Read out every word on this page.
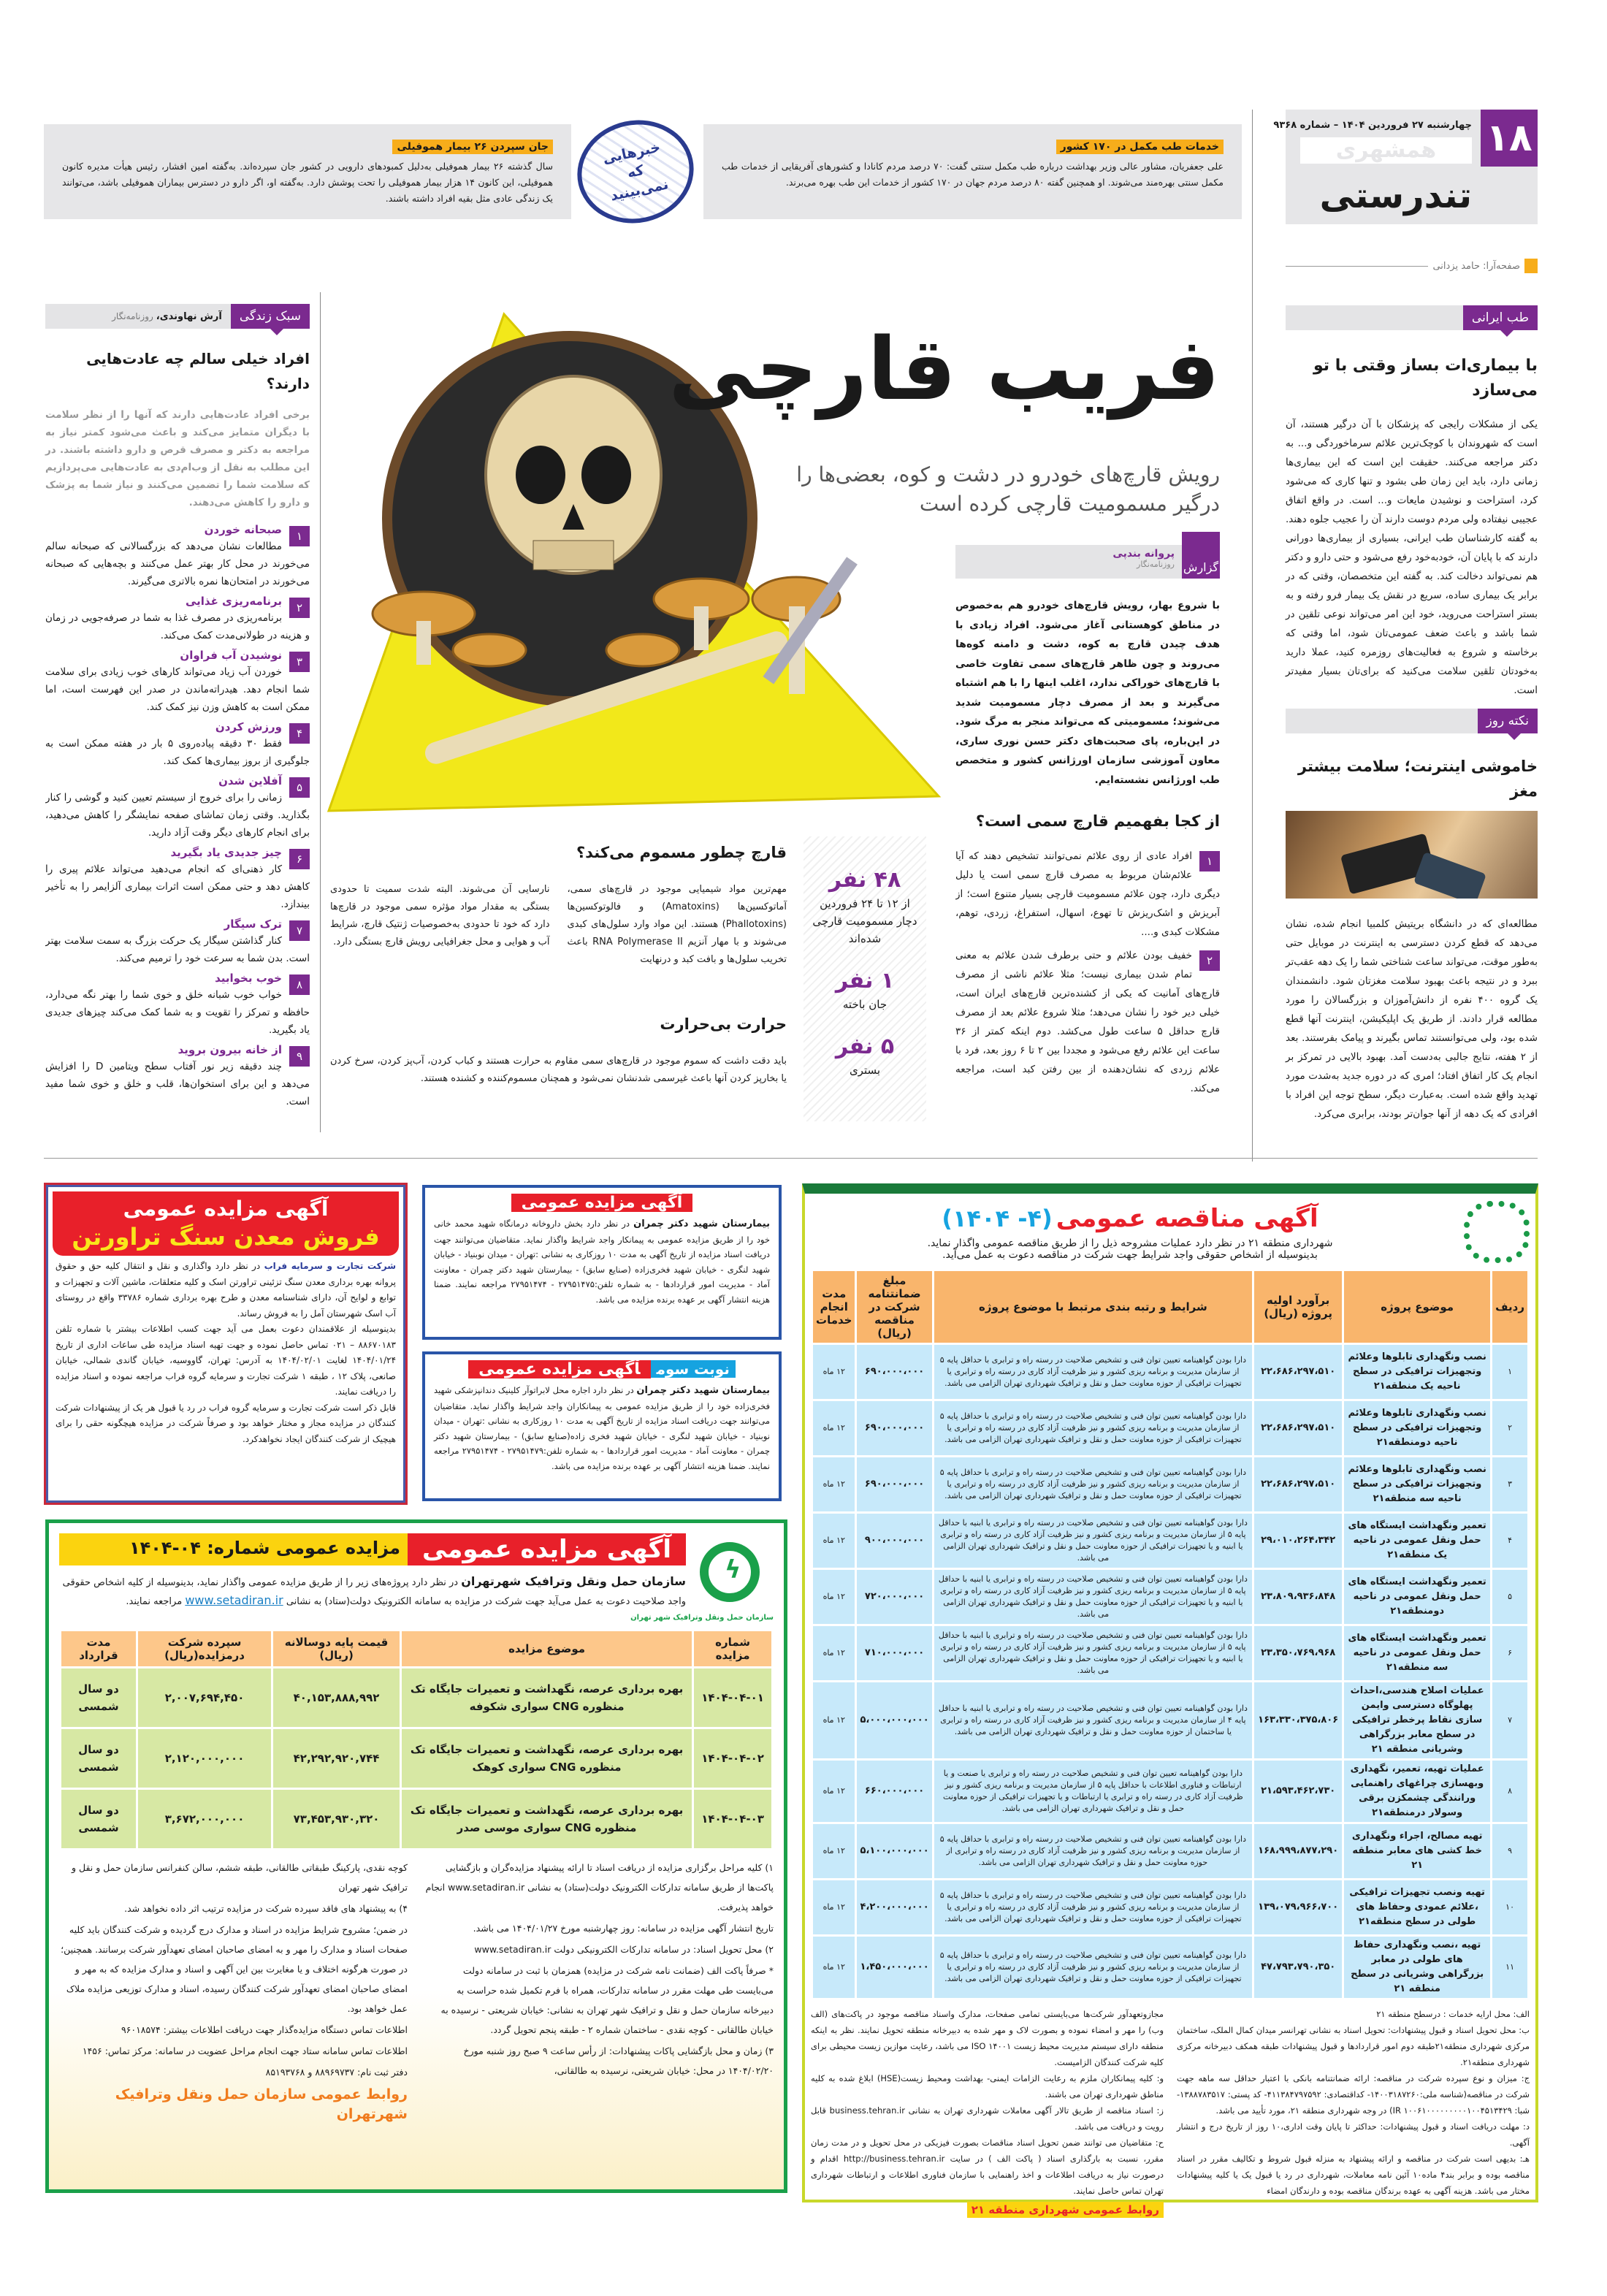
۱۸
چهارشنبه ۲۷ فروردین ۱۴۰۴ – شماره ۹۳۶۸
همشهری
تندرستی
صفحه‌آرا: حامد یزدانی
خدمات طب مکمل در ۱۷۰ کشور
علی جعفریان، مشاور عالی وزیر بهداشت درباره طب مکمل سنتی گفت: ۷۰ درصد مردم کانادا و کشورهای آفریقایی از خدمات طب مکمل سنتی بهره‌مند می‌شوند. او همچنین گفته ۸۰ درصد مردم جهان در ۱۷۰ کشور از خدمات این طب بهره می‌برند.
جان سپردن ۲۶ بیمار هموفیلی
سال گذشته ۲۶ بیمار هموفیلی به‌دلیل کمبودهای دارویی در کشور جان سپرده‌اند. به‌گفته امین افشار، رئیس هیأت مدیره کانون هموفیلی، این کانون ۱۴ هزار بیمار هموفیلی را تحت پوشش دارد. به‌گفته او، اگر دارو در دسترس بیماران هموفیلی باشد، می‌توانند یک زندگی عادی مثل بقیه افراد داشته باشند.
خبرهایی که نمی‌بینید
طب ایرانی
با بیماری‌ات بساز وقتی با تو می‌سازد
یکی از مشکلات رایجی که پزشکان با آن درگیر هستند، آن است که شهروندان با کوچک‌ترین علائم سرماخوردگی و... به دکتر مراجعه می‌کنند. حقیقت این است که این بیماری‌ها زمانی دارد، باید این زمان طی بشود و تنها کاری که می‌شود کرد، استراحت و نوشیدن مایعات و... است. در واقع اتفاق عجیبی نیفتاده ولی مردم دوست دارند آن را عجیب جلوه دهند. به گفته کارشناسان طب ایرانی، بسیاری از بیماری‌ها دورانی دارند که با پایان آن، خودبه‌خود رفع می‌شود و حتی دارو و دکتر هم نمی‌تواند دخالت کند. به گفته این متخصصان، وقتی که در برابر یک بیماری ساده، سریع در نقش یک بیمار فرو رفته و به بستر استراحت می‌روید، خود این امر می‌تواند نوعی تلقین در شما باشد و باعث ضعف عمومی‌تان شود، اما وقتی که برخاسته و شروع به فعالیت‌های روزمره کنید، عملا دارید به‌خودتان تلقین سلامت می‌کنید که برای‌تان بسیار مفیدتر است.
نکته روز
خاموشی اینترنت؛ سلامت بیشتر مغز
مطالعه‌ای که در دانشگاه بریتیش کلمبیا انجام شده، نشان می‌دهد که قطع کردن دسترسی به اینترنت در موبایل حتی به‌طور موقت، می‌تواند ساعت شناختی شما را یک دهه عقب‌تر ببرد و در نتیجه باعث بهبود سلامت مغزتان شود. دانشمندان یک گروه ۴۰۰ نفره از دانش‌آموزان و بزرگسالان را مورد مطالعه قرار دادند. از طریق یک اپلیکیشن، اینترنت آنها قطع شده بود، ولی می‌توانستند تماس بگیرند و پیامک بفرستند. بعد از ۲ هفته، نتایج جالبی به‌دست آمد. بهبود بالایی در تمرکز بر انجام یک کار اتفاق افتاد؛ امری که در دوره جدید به‌شدت مورد تهدید واقع شده است. به‌عبارت دیگر، سطح توجه این افراد با افرادی که یک دهه از آنها جوان‌تر بودند، برابری می‌کرد.
سبک زندگی
آرش نهاوندی،
روزنامه‌نگار
افراد خیلی سالم چه عادت‌هایی دارند؟
برخی افراد عادت‌هایی دارند که آنها را از نظر سلامت با دیگران متمایز می‌کند و باعث می‌شود کمتر نیاز به مراجعه به دکتر و مصرف قرص و دارو داشته باشند. در این مطلب به نقل از وب‌ام‌دی به عادت‌هایی می‌پردازیم که سلامت شما را تضمین می‌کنند و نیاز شما به پزشک و دارو را کاهش می‌دهند.
۱
صبحانه خوردن
مطالعات نشان می‌دهد که بزرگسالانی که صبحانه سالم می‌خورند در محل کار بهتر عمل می‌کنند و بچه‌هایی که صبحانه می‌خورند در امتحان‌ها نمره بالاتری می‌گیرند.
۲
برنامه‌ریزی غذایی
برنامه‌ریزی در مصرف غذا به شما در صرفه‌جویی در زمان و هزینه در طولانی‌مدت کمک می‌کند.
۳
نوشیدن آب فراوان
خوردن آب زیاد می‌تواند کارهای خوب زیادی برای سلامت شما انجام دهد. هیدراته‌ماندن در صدر این فهرست است، اما ممکن است به کاهش وزن نیز کمک کند.
۴
ورزش کردن
فقط ۳۰ دقیقه پیاده‌روی ۵ بار در هفته ممکن است به جلوگیری از بروز بیماری‌ها کمک کند.
۵
آفلاین شدن
زمانی را برای خروج از سیستم تعیین کنید و گوشی را کنار بگذارید. وقتی زمان تماشای صفحه نمایشگر را کاهش می‌دهید، برای انجام کارهای دیگر وقت آزاد دارید.
۶
چیز جدیدی یاد بگیرید
کار ذهنی‌ای که انجام می‌دهید می‌تواند علائم پیری را کاهش دهد و حتی ممکن است اثرات بیماری آلزایمر را به تأخیر بیندازد.
۷
ترک سیگار
کنار گذاشتن سیگار یک حرکت بزرگ به سمت سلامت بهتر است. بدن شما به سرعت خود را ترمیم می‌کند.
۸
خوب بخوابید
خواب خوب شبانه خلق و خوی شما را بهتر نگه می‌دارد، حافظه و تمرکز را تقویت و به شما کمک می‌کند چیزهای جدیدی یاد بگیرید.
۹
از خانه بیرون بروید
چند دقیقه زیر نور آفتاب سطح ویتامین D را افزایش می‌دهد و این برای استخوان‌ها، قلب و خلق و خوی شما مفید است.
فریب قارچی
رویش قارچ‌های خودرو در دشت و کوه، بعضی‌ها را درگیر مسمومیت قارچی کرده است
گزارش
پروانه بندپی
روزنامه‌نگار
با شروع بهار، رویش قارچ‌های خودرو هم به‌خصوص در مناطق کوهستانی آغاز می‌شود. افراد زیادی با هدف چیدن قارچ به کوه، دشت و دامنه کوه‌ها می‌روند و چون ظاهر قارچ‌های سمی تفاوت خاصی با قارچ‌های خوراکی ندارد، اغلب اینها را با هم اشتباه می‌گیرند و بعد از مصرف دچار مسمومیت شدید می‌شوند؛ مسمومیتی که می‌تواند منجر به مرگ شود. در این‌باره، پای صحبت‌های دکتر حسن نوری ساری، معاون آموزشی سازمان اورژانس کشور و متخصص طب اورژانس نشسته‌ایم.
از کجا بفهمیم قارچ سمی است؟
۱
افراد عادی از روی علائم نمی‌توانند تشخیص دهند که آیا علائم‌شان مربوط به مصرف قارچ سمی است یا دلیل دیگری دارد، چون علائم مسمومیت قارچی بسیار متنوع است؛ از آبریزش و اشک‌ریزش تا تهوع، اسهال، استفراغ، زردی، توهم، مشکلات کبدی و....
۲
خفیف بودن علائم و حتی برطرف شدن علائم به معنی تمام شدن بیماری نیست؛ مثلا علائم ناشی از مصرف قارچ‌های آمانیت که یکی از کشنده‌ترین قارچ‌های ایران است، خیلی دیر خود را نشان می‌دهد؛ مثلا شروع علائم بعد از مصرف قارچ حداقل ۵ ساعت طول می‌کشد. دوم اینکه کمتر از ۳۶ ساعت این علائم رفع می‌شود و مجددا بین ۲ تا ۶ روز بعد، فرد با علائم زردی که نشان‌دهنده از بین رفتن کبد است، مراجعه می‌کند.
۴۸ نفر
از ۱۲ تا ۲۴ فروردین دچار مسمومیت قارچی شده‌اند
۱ نفر
جان باخته
۵ نفر
بستری
قارچ چطور مسموم می‌کند؟
مهم‌ترین مواد شیمیایی موجود در قارچ‌های سمی، آماتوکسین‌ها (Amatoxins) و فالوتوکسین‌ها (Phallotoxins) هستند. این مواد وارد سلول‌های کبدی می‌شوند و با مهار آنزیم RNA Polymerase II باعث تخریب سلول‌ها و بافت کبد و درنهایت
نارسایی آن می‌شوند. البته شدت سمیت تا حدودی بستگی به مقدار مواد مؤثره سمی موجود در قارچ‌ها دارد که خود تا حدودی به‌خصوصیات ژنتیک قارچ، شرایط آب و هوایی و محل جغرافیایی رویش قارچ بستگی دارد.
حرارت بی‌حرارت
باید دقت داشت که سموم موجود در قارچ‌های سمی مقاوم به حرارت هستند و کباب کردن، آب‌پز کردن، سرخ کردن یا بخارپز کردن آنها باعث غیرسمی شدنشان نمی‌شود و همچنان مسموم‌کننده و کشنده هستند.
آگهی مزایده عمومی
فروش معدن سنگ تراورتن
شرکت تجارت و سرمایه فراب در نظر دارد واگذاری و نقل و انتقال کلیه حق و حقوق پروانه بهره برداری معدن سنگ تزئینی تراورتن اسک و کلیه متعلقات، ماشین آلات و تجهیزات و توابع و لوایح آن، دارای شناسنامه معدن و طرح بهره برداری شماره ۳۳۷۸۶ واقع در روستای آب اسک شهرستان آمل را به فروش رساند.
بدینوسیله از علاقمندان دعوت بعمل می آید جهت کسب اطلاعات بیشتر با شماره تلفن ۸۸۶۷۰۱۸۳ – ۰۲۱ تماس حاصل نموده و جهت تهیه اسناد مزایده طی ساعات اداری از تاریخ ۱۴۰۴/۰۱/۲۴ لغایت ۱۴۰۴/۰۲/۰۱ به آدرس: تهران، گاووسیه، خیابان گاندی شمالی، خیابان صانعی، پلاک ۱۲ ، طبقه ۱ شرکت تجارت و سرمایه گروه فراب مراجعه نموده و اسناد مزایده را دریافت نمایند.
قابل ذکر است شرکت تجارت و سرمایه گروه فراب در رد یا قبول هر یک از پیشنهادات شرکت کنندگان در مزایده مجاز و مختار خواهد بود و صرفاً شرکت در مزایده هیچگونه حقی را برای هیچیک از شرکت کنندگان ایجاد نخواهدکرد.
آگهی مزایده عمومی
بیمارستان شهید دکتر چمران در نظر دارد بخش داروخانه درمانگاه شهید محمد خانی خود را از طریق مزایده عمومی به پیمانکار واجد شرایط واگذار نماید. متقاضیان می‌توانند جهت دریافت اسناد مزایده از تاریخ آگهی به مدت ۱۰ روزکاری به نشانی :تهران - میدان نوبنیاد - خیابان شهید لنگری - خیابان شهید فخری‌زاده (صنایع سابق) - بیمارستان شهید دکتر چمران - معاونت آماد - مدیریت امور قراردادها - به شماره تلفن:۲۷۹۵۱۴۷۵ - ۲۷۹۵۱۴۷۴ مراجعه نمایند. ضمنا هزینه انتشار آگهی بر عهده برنده مزایده می باشد.
نوبت سومآگهی مزایده عمومی
بیمارستان شهید دکتر چمران در نظر دارد اجاره محل لابراتوآر کلینیک دندانپزشکی شهید فخری‌زاده خود را از طریق مزایده عمومی به پیمانکاران واجد شرایط واگذار نماید. متقاضیان می‌توانند جهت دریافت اسناد مزایده از تاریخ آگهی به مدت ۱۰ روزکاری به نشانی :تهران - میدان نوبنیاد - خیابان شهید لنگری - خیابان شهید فخری زاده(صنایع سابق) - بیمارستان شهید دکتر چمران - معاونت آماد - مدیریت امور قراردادها - به شماره تلفن:۲۷۹۵۱۴۷۹ - ۲۷۹۵۱۴۷۴ مراجعه نمایند. ضمنا هزینه انتشار آگهی بر عهده برنده مزایده می باشد.
ϟ
آگهی مزایده عمومی
مزایده عمومی شماره: ۰۴-۱۴۰۴
سازمان حمل ونقل وترافیک شهرتهران در نظر دارد پروژه‌های زیر را از طریق مزایده عمومی واگذار نماید، بدینوسیله از کلیه اشخاص حقوقی واجد صلاحیت دعوت به عمل می‌آید جهت شرکت در مزایده به سامانه الکترونیک دولت(ستاد) به نشانی www.setadiran.ir مراجعه نمایند.
سازمان حمل ونقل وترافیک شهر تهران
شماره مزایده	موضوع مزایده	قیمت پایه دوسالانه (ریال)	سپرده شرکت درمزایده(ریال)	مدت قرارداد
۱۴۰۴-۰۴-۰۱	بهره برداری عرصه، نگهداشت و تعمیرات جایگاه تک منظوره CNG سواری شکوفه	۴۰,۱۵۳,۸۸۸,۹۹۲	۲,۰۰۷,۶۹۴,۴۵۰	دو سال شمسی
۱۴۰۴-۰۴-۰۲	بهره برداری عرصه، نگهداشت و تعمیرات جایگاه تک منظوره CNG سواری کوهک	۴۲,۲۹۲,۹۲۰,۷۴۴	۲,۱۲۰,۰۰۰,۰۰۰	دو سال شمسی
۱۴۰۴-۰۴-۰۳	بهره برداری عرصه، نگهداشت و تعمیرات جایگاه تک منظوره CNG سواری موسی صدر	۷۳,۴۵۳,۹۳۰,۳۲۰	۳,۶۷۲,۰۰۰,۰۰۰	دو سال شمسی
۱) کلیه مراحل برگزاری مزایده از دریافت اسناد تا ارائه پیشنهاد مزایده‌گران و بازگشایی پاکت‌ها از طریق سامانه تدارکات الکترونیک دولت(ستاد) به نشانی www.setadiran.ir انجام خواهد پذیرفت.
تاریخ انتشار آگهی مزایده در سامانه: روز چهارشنبه مورخ ۱۴۰۴/۰۱/۲۷ می باشد.
۲) محل تحویل اسناد: در سامانه تدارکات الکترونیکی دولت www.setadiran.ir
* صرفاً پاکت الف (ضمانت نامه شرکت در مزایده) همزمان با ثبت در سامانه دولت می‌بایست طی مهلت مقرر در سامانه تدارکات، همراه با فرم تکمیل شده حراست به دبیرخانه سازمان حمل و نقل و ترافیک شهر تهران به نشانی: خیابان شریعتی - نرسیده به خیابان طالقانی - کوچه نقدی - ساختمان شماره ۲ - طبقه پنجم تحویل گردد.
۳) زمان و محل بازگشایی پاکات پیشنهادات: از رأس ساعت ۹ صبح روز شنبه مورخ ۱۴۰۴/۰۲/۲۰ در محل: خیابان شریعتی، نرسیده به طالقانی،
کوچه نقدی، پارکینگ طبقاتی طالقانی، طبقه ششم، سالن کنفرانس سازمان حمل و نقل و ترافیک شهر تهران
۴) به پیشنهاد های فاقد سپرده شرکت در مزایده ترتیب اثر داده نخواهد شد.
در ضمن؛ مشروح شرایط مزایده در اسناد و مدارک درج گردیده و شرکت کنندگان باید کلیه صفحات اسناد و مدارک را مهر و به امضای صاحبان امضای تعهدآور شرکت برسانند. همچنین؛ در صورت هرگونه اختلاف و یا مغایرت بین این آگهی و اسناد و مدارک مزایده که به مهر و امضای صاحبان امضای تعهدآور شرکت کنندگان رسیده، اسناد و مدارک توزیعی مزایده ملاک عمل خواهد بود.
اطلاعات تماس دستگاه مزایده‌گذار جهت دریافت اطلاعات بیشتر: ۹۶۰۱۸۵۷۴
اطلاعات تماس سامانه ستاد جهت انجام مراحل عضویت در سامانه: مرکز تماس: ۱۴۵۶
دفتر ثبت نام: ۸۸۹۶۹۷۳۷ و ۸۵۱۹۳۷۶۸
روابط عمومی سازمان حمل ونقل وترافیک شهرتهران
آگهی مناقصه عمومی (۴- ۱۴۰۴)
شهرداری منطقه ۲۱ در نظر دارد عملیات مشروحه ذیل را از طریق مناقصه عمومی واگذار نماید.
بدینوسیله از اشخاص حقوقی واجد شرایط جهت شرکت در مناقصه دعوت به عمل می‌آید.
ردیف	موضوع پروژه	برآورد اولیه پروژه (ریال)	شرایط و رتبه بندی مرتبط با موضوع پروژه	مبلغ ضمانتنامه شرکت در مناقصه (ریال)	مدت انجام خدمات
۱	نصب ونگهداری تابلوها وعلائم وتجهیزات ترافیکی در سطح ناحیه یک منطقه۲۱	۲۲،۶۸۶،۲۹۷،۵۱۰	دارا بودن گواهینامه تعیین توان فنی و تشخیص صلاحیت در رسته راه و ترابری با حداقل پایه ۵ از سازمان مدیریت و برنامه ریزی کشور و نیز ظرفیت آزاد کاری در رسته راه و ترابری یا تجهیزات ترافیکی از حوزه معاونت حمل و نقل و ترافیک شهرداری تهران الزامی می باشد.	۶۹۰،۰۰۰،۰۰۰	۱۲ ماه
۲	نصب ونگهداری تابلوها وعلائم وتجهیزات ترافیکی در سطح ناحیه دومنطقه۲۱	۲۲،۶۸۶،۲۹۷،۵۱۰	دارا بودن گواهینامه تعیین توان فنی و تشخیص صلاحیت در رسته راه و ترابری با حداقل پایه ۵ از سازمان مدیریت و برنامه ریزی کشور و نیز ظرفیت آزاد کاری در رسته راه و ترابری یا تجهیزات ترافیکی از حوزه معاونت حمل و نقل و ترافیک شهرداری تهران الزامی می باشد.	۶۹۰،۰۰۰،۰۰۰	۱۲ ماه
۳	نصب ونگهداری تابلوها وعلائم وتجهیزات ترافیکی در سطح ناحیه سه منطقه۲۱	۲۲،۶۸۶،۲۹۷،۵۱۰	دارا بودن گواهینامه تعیین توان فنی و تشخیص صلاحیت در رسته راه و ترابری با حداقل پایه ۵ از سازمان مدیریت و برنامه ریزی کشور و نیز ظرفیت آزاد کاری در رسته راه و ترابری یا تجهیزات ترافیکی از حوزه معاونت حمل و نقل و ترافیک شهرداری تهران الزامی می باشد.	۶۹۰،۰۰۰،۰۰۰	۱۲ ماه
۴	تعمیر ونگهداشت ایستگاه های حمل ونقل عمومی در ناحیه یک منطقه۲۱	۲۹،۰۱۰،۲۶۴،۳۴۲	دارا بودن گواهینامه تعیین توان فنی و تشخیص صلاحیت در رسته راه و ترابری یا ابنیه با حداقل پایه ۵ از سازمان مدیریت و برنامه ریزی کشور و نیز ظرفیت آزاد کاری در رسته راه و ترابری یا ابنیه و یا تجهیزات ترافیکی از حوزه معاونت حمل و نقل و ترافیک شهرداری تهران الزامی می باشد.	۹۰۰،۰۰۰،۰۰۰	۱۲ ماه
۵	تعمیر ونگهداشت ایستگاه های حمل ونقل عمومی در ناحیه دومنطقه۲۱	۲۳،۸۰۹،۹۳۶،۸۴۸	دارا بودن گواهینامه تعیین توان فنی و تشخیص صلاحیت در رسته راه و ترابری یا ابنیه با حداقل پایه ۵ از سازمان مدیریت و برنامه ریزی کشور و نیز ظرفیت آزاد کاری در رسته راه و ترابری یا ابنیه و یا تجهیزات ترافیکی از حوزه معاونت حمل و نقل و ترافیک شهرداری تهران الزامی می باشد.	۷۲۰،۰۰۰،۰۰۰	۱۲ ماه
۶	تعمیر ونگهداشت ایستگاه های حمل ونقل عمومی در ناحیه سه منطقه۲۱	۲۳،۳۵۰،۷۶۹،۹۶۸	دارا بودن گواهینامه تعیین توان فنی و تشخیص صلاحیت در رسته راه و ترابری یا ابنیه با حداقل پایه ۵ از سازمان مدیریت و برنامه ریزی کشور و نیز ظرفیت آزاد کاری در رسته راه و ترابری یا ابنیه و یا تجهیزات ترافیکی از حوزه معاونت حمل و نقل و ترافیک شهرداری تهران الزامی می باشد.	۷۱۰،۰۰۰،۰۰۰	۱۲ ماه
۷	عملیات اصلاح هندسی،احداث پهلوگاه دسترسی وایمن سازی نقاط پرخطر ترافیکی در سطح معابر بزرگراهی وشریانی منطقه ۲۱	۱۶۳،۳۳۰،۳۷۵،۸۰۶	دارا بودن گواهینامه تعیین توان فنی و تشخیص صلاحیت در رسته راه و ترابری یا ابنیه با حداقل پایه ۴ از سازمان مدیریت و برنامه ریزی کشور و نیز ظرفیت آزاد کاری در رسته راه و ترابری یا ساختمان از حوزه معاونت حمل و نقل و ترافیک شهرداری تهران الزامی می باشد.	۵،۰۰۰،۰۰۰،۰۰۰	۱۲ ماه
۸	عملیات تهیه، تعمیر، نگهداری وبهسازی چراغهای راهنمایی ورانندگی چشمکزن برقی وسولار درمنطقه۲۱	۲۱،۵۹۳،۴۶۲،۷۳۰	دارا بودن گواهینامه تعیین توان فنی و تشخیص صلاحیت در رسته راه و ترابری یا صنعت و یا ارتباطات و فناوری اطلاعات با حداقل پایه ۵ از سازمان مدیریت و برنامه ریزی کشور و نیز ظرفیت آزاد کاری در رسته راه و ترابری یا ارتباطات و یا تجهیزات ترافیکی از حوزه معاونت حمل و نقل و ترافیک شهرداری تهران الزامی می باشد.	۶۶۰،۰۰۰،۰۰۰	۱۲ ماه
۹	تهیه مصالح، اجراء ونگهداری خط کشی های معابر منطقه ۲۱	۱۶۸،۹۹۹،۸۷۷،۲۹۰	دارا بودن گواهینامه تعیین توان فنی و تشخیص صلاحیت در رسته راه و ترابری با حداقل پایه ۵ از سازمان مدیریت و برنامه ریزی کشور و نیز ظرفیت آزاد کاری در رسته راه و ترابری از حوزه معاونت حمل و نقل و ترافیک شهرداری تهران الزامی می باشد.	۵،۱۰۰،۰۰۰،۰۰۰	۱۲ ماه
۱۰	تهیه ونصب تجهیزات ترافیکی ،علائم عمودی وحفاظ های طولی در سطح منطقه۲۱	۱۳۹،۰۷۹،۹۶۶،۷۰۰	دارا بودن گواهینامه تعیین توان فنی و تشخیص صلاحیت در رسته راه و ترابری با حداقل پایه ۵ از سازمان مدیریت و برنامه ریزی کشور و نیز ظرفیت آزاد کاری در رسته راه و ترابری یا تجهیزات ترافیکی از حوزه معاونت حمل و نقل و ترافیک شهرداری تهران الزامی می باشد.	۴،۲۰۰،۰۰۰،۰۰۰	۱۲ ماه
۱۱	تهیه ،نصب ونگهداری حفاظ های طولی در معابر بزرگراهی وشریانی در سطح منطقه ۲۱	۴۷،۷۹۳،۷۹۰،۳۵۰	دارا بودن گواهینامه تعیین توان فنی و تشخیص صلاحیت در رسته راه و ترابری با حداقل پایه ۵ از سازمان مدیریت و برنامه ریزی کشور و نیز ظرفیت آزاد کاری در رسته راه و ترابری یا تجهیزات ترافیکی از حوزه معاونت حمل و نقل و ترافیک شهرداری تهران الزامی می باشد.	۱،۴۵۰،۰۰۰،۰۰۰	۱۲ ماه
الف: محل ارایه خدمات : درسطح منطقه ۲۱
ب: محل تحویل اسناد و قبول پیشنهادات: تحویل اسناد به نشانی تهرانسر میدان کمال الملک، ساختمان مرکزی شهرداری منطقه۲۱طبقه دوم امور قراردادها و قبول پیشنهادات طبقه همکف دبیرخانه مرکزی شهرداری منطقه۲۱.
ج: میزان و نوع سپرده شرکت در مناقصه: ارائه ضمانتنامه بانکی با اعتبار حداقل سه ماهه جهت شرکت در مناقصه(شناسه ملی:۱۴۰۰۳۱۸۷۲۶۰- کداقتصادی: ۴۱۱۳۸۴۷۹۷۵۹۲- کد پستی: ۱۳۸۸۷۸۳۵۱۷- شبا: IR ۱۰۰۶۱۰۰۰۰۰۰۰۰۰۱۰۰۴۵۱۳۴۲۹) در وجه شهرداری منطقه ۲۱، مورد تأیید می باشد.
د: مهلت دریافت اسناد و قبول پیشنهادات: حداکثر تا پایان وقت اداری،۱۰ روز از تاریخ درج و انتشار آگهی.
هـ: بدیهی است شرکت در مناقصه و ارائه پیشنهاد به منزله قبول شروط و تکالیف مقرر در اسناد مناقصه بوده و برابر بند۴ ماده۱۰ آئین نامه معاملات، شهرداری در رد یا قبول یک یا کلیه پیشنهادات مختار می باشد. هزینه آگهی به عهده برندگان مناقصه بوده و دارندگان امضاء
مجازوتعهدآور شرکت‌ها می‌بایستی تمامی صفحات، مدارک واسناد مناقصه موجود در پاکت‌های (الف وب) را مهر و امضاء نموده و بصورت لاک و مهر شده به دبیرخانه منطقه تحویل نمایند. نظر به اینکه منطقه دارای سیستم مدیریت محیط زیست ISO ۱۴۰۰۱ می باشد، رعایت موازین زیست محیطی برای کلیه شرکت کنندگان الزامیست.
و: کلیه پیمانکاران ملزم به رعایت الزامات ایمنی- بهداشت ومحیط زیست(HSE) ابلاغ شده به کلیه مناطق شهرداری تهران می باشند.
ز: اسناد مناقصه از طریق تالار آگهی معاملات شهرداری تهران به نشانی business.tehran.ir قابل رویت و دریافت می باشد.
ح: متقاضیان می توانند ضمن تحویل اسناد مناقصات بصورت فیزیکی در محل تحویل و در مدت زمان مقرر، نسبت به بارگذاری اسناد ( پاکت الف ) در سایت http://business.tehran.ir اقدام و درصورت نیاز به دریافت اطلاعات و اخذ راهنمایی با سازمان فناوری اطلاعات و ارتباطات شهرداری تهران تماس حاصل نمایند.
روابط عمومی شهرداری منطقه ۲۱
